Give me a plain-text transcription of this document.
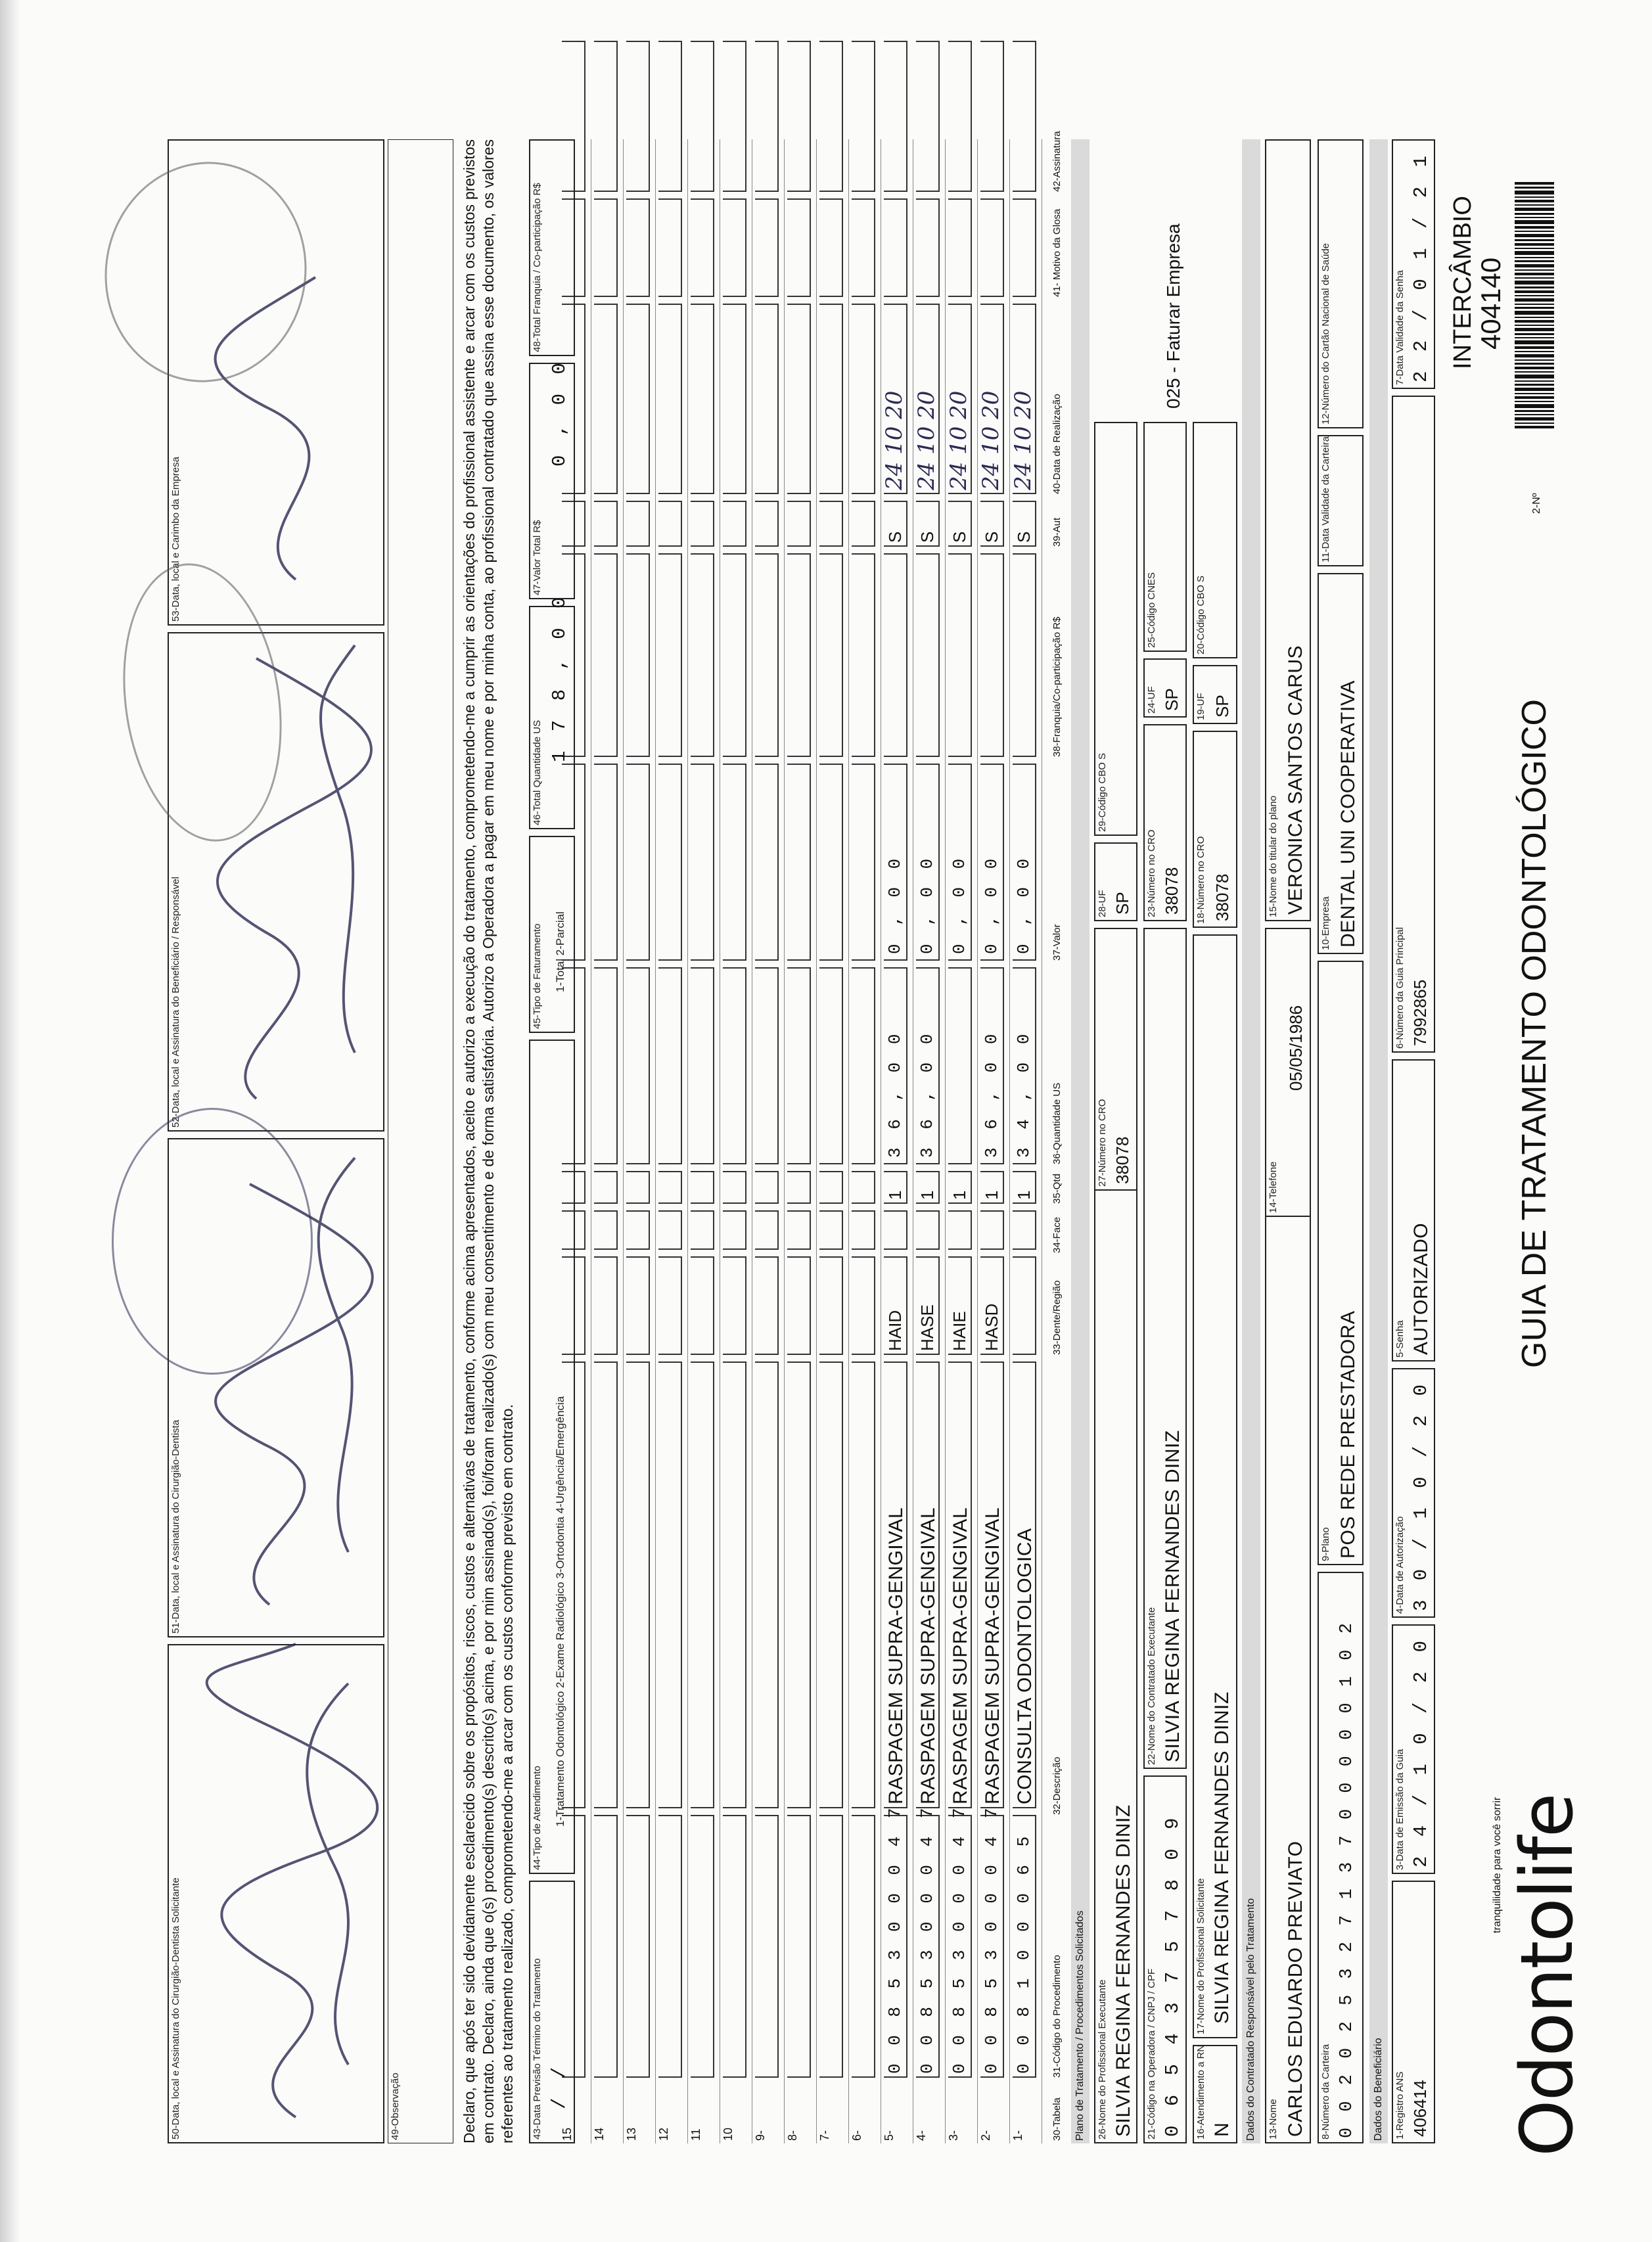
Odontolife
tranquilidade para você sorrir
GUIA DE TRATAMENTO ODONTOLÓGICO
2-Nº
404140
INTERCÂMBIO
1-Registro ANS 406414
3-Data de Emissão da Guia 2 4 / 1 0 / 2 0
4-Data de Autorização 3 0 / 1 0 / 2 0
5-Senha AUTORIZADO
6-Número da Guia Principal 7992865
7-Data Validade da Senha 2 2 / 0 1 / 2 1
Dados do Beneficiário
8-Número da Carteira 0 0 2 0 2 5 3 2 7 1 3 7 0 0 0 0 0 1 0 2
9-Plano POS REDE PRESTADORA
10-Empresa DENTAL UNI COOPERATIVA
11-Data Validade da Carteira
12-Número do Cartão Nacional de Saúde
13-Nome CARLOS EDUARDO PREVIATO
05/05/1986
14-Telefone
15-Nome do titular do plano VERONICA SANTOS CARUS
Dados do Contratado Responsável pelo Tratamento
16-Atendimento a RN N
17-Nome do Profissional Solicitante SILVIA REGINA FERNANDES DINIZ
18-Número no CRO 38078
19-UF SP
20-Código CBO S
025 - Faturar Empresa
21-Código na Operadora / CNPJ / CPF 0 6 5 4 3 7 5 7 8 0 9
22-Nome do Contratado Executante SILVIA REGINA FERNANDES DINIZ
23-Número no CRO 38078
24-UF SP
25-Código CNES
26-Nome do Profissional Executante SILVIA REGINA FERNANDES DINIZ
27-Número no CRO 38078
28-UF SP
29-Código CBO S
Plano de Tratamento / Procedimentos Solicitados
30-Tabela
31-Código do Procedimento
32-Descrição
33-Dente/Região
34-Face
35-Qtd
36-Quantidade US
37-Valor
38-Franquia/Co-participação R$
39-Aut
40-Data de Realização
41- Motivo da Glosa
42-Assinatura
1-
0 0 8 1 0 0 0 6 5
CONSULTA ODONTOLOGICA
1
3 4 , 0 0
0 , 0 0
S
24 10 20
2-
0 0 8 5 3 0 0 0 4 7
RASPAGEM SUPRA-GENGIVAL
HASD
1
3 6 , 0 0
0 , 0 0
S
24 10 20
3-
0 0 8 5 3 0 0 0 4 7
RASPAGEM SUPRA-GENGIVAL
HAIE
1
0 , 0 0
S
24 10 20
4-
0 0 8 5 3 0 0 0 4 7
RASPAGEM SUPRA-GENGIVAL
HASE
1
3 6 , 0 0
0 , 0 0
S
24 10 20
5-
0 0 8 5 3 0 0 0 4 7
RASPAGEM SUPRA-GENGIVAL
HAID
1
3 6 , 0 0
0 , 0 0
S
24 10 20
6-
7-
8-
9-
10
11
12
13
14
15
43-Data Previsão Término do Tratamento / /
44-Tipo de Atendimento 1-Tratamento Odontológico 2-Exame Radiológico 3-Ortodontia 4-Urgência/Emergência
45-Tipo de Faturamento 1-Total 2-Parcial
46-Total Quantidade US
1 7 8 , 0 0
47-Valor Total R$
0 , 0 0
48-Total Franquia / Co-participação R$
Declaro, que após ter sido devidamente esclarecido sobre os propósitos, riscos, custos e alternativas de tratamento, conforme acima apresentados, aceito e autorizo a execução do tratamento, comprometendo-me a cumprir as orientações do profissional assistente e arcar com os custos previstos em contrato. Declaro, ainda que o(s) procedimento(s) descrito(s) acima, e por mim assinado(s), foi/foram realizado(s) com meu consentimento e de forma satisfatória. Autorizo a Operadora a pagar em meu nome e por minha conta, ao profissional contratado que assina esse documento, os valores referentes ao tratamento realizado, comprometendo-me a arcar com os custos conforme previsto em contrato.
49-Observação
50-Data, local e Assinatura do Cirurgião-Dentista Solicitante
51-Data, local e Assinatura do Cirurgião-Dentista
52-Data, local e Assinatura do Beneficiário / Responsável
53-Data, local e Carimbo da Empresa
